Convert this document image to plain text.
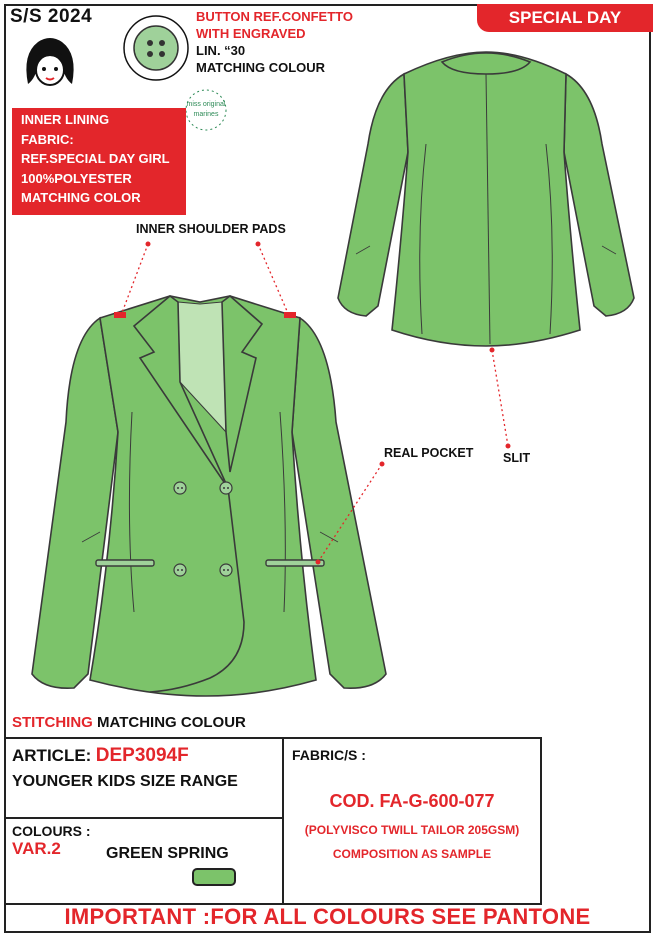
S/S 2024	SPECIAL DAY
BUTTON REF.CONFETTO
WITH ENGRAVED
LIN. “30
MATCHING COLOUR
miss original
marines
INNER LINING
FABRIC:
REF.SPECIAL DAY GIRL
100%POLYESTER
MATCHING COLOR
INNER SHOULDER PADS
REAL POCKET SLIT
STITCHING MATCHING COLOUR
ARTICLE: DEP3094F
YOUNGER KIDS SIZE RANGE
COLOURS :
VAR.2	GREEN SPRING
FABRIC/S :
COD. FA-G-600-077
(POLYVISCO TWILL TAILOR 205GSM)
COMPOSITION AS SAMPLE
IMPORTANT :FOR ALL COLOURS SEE PANTONE
